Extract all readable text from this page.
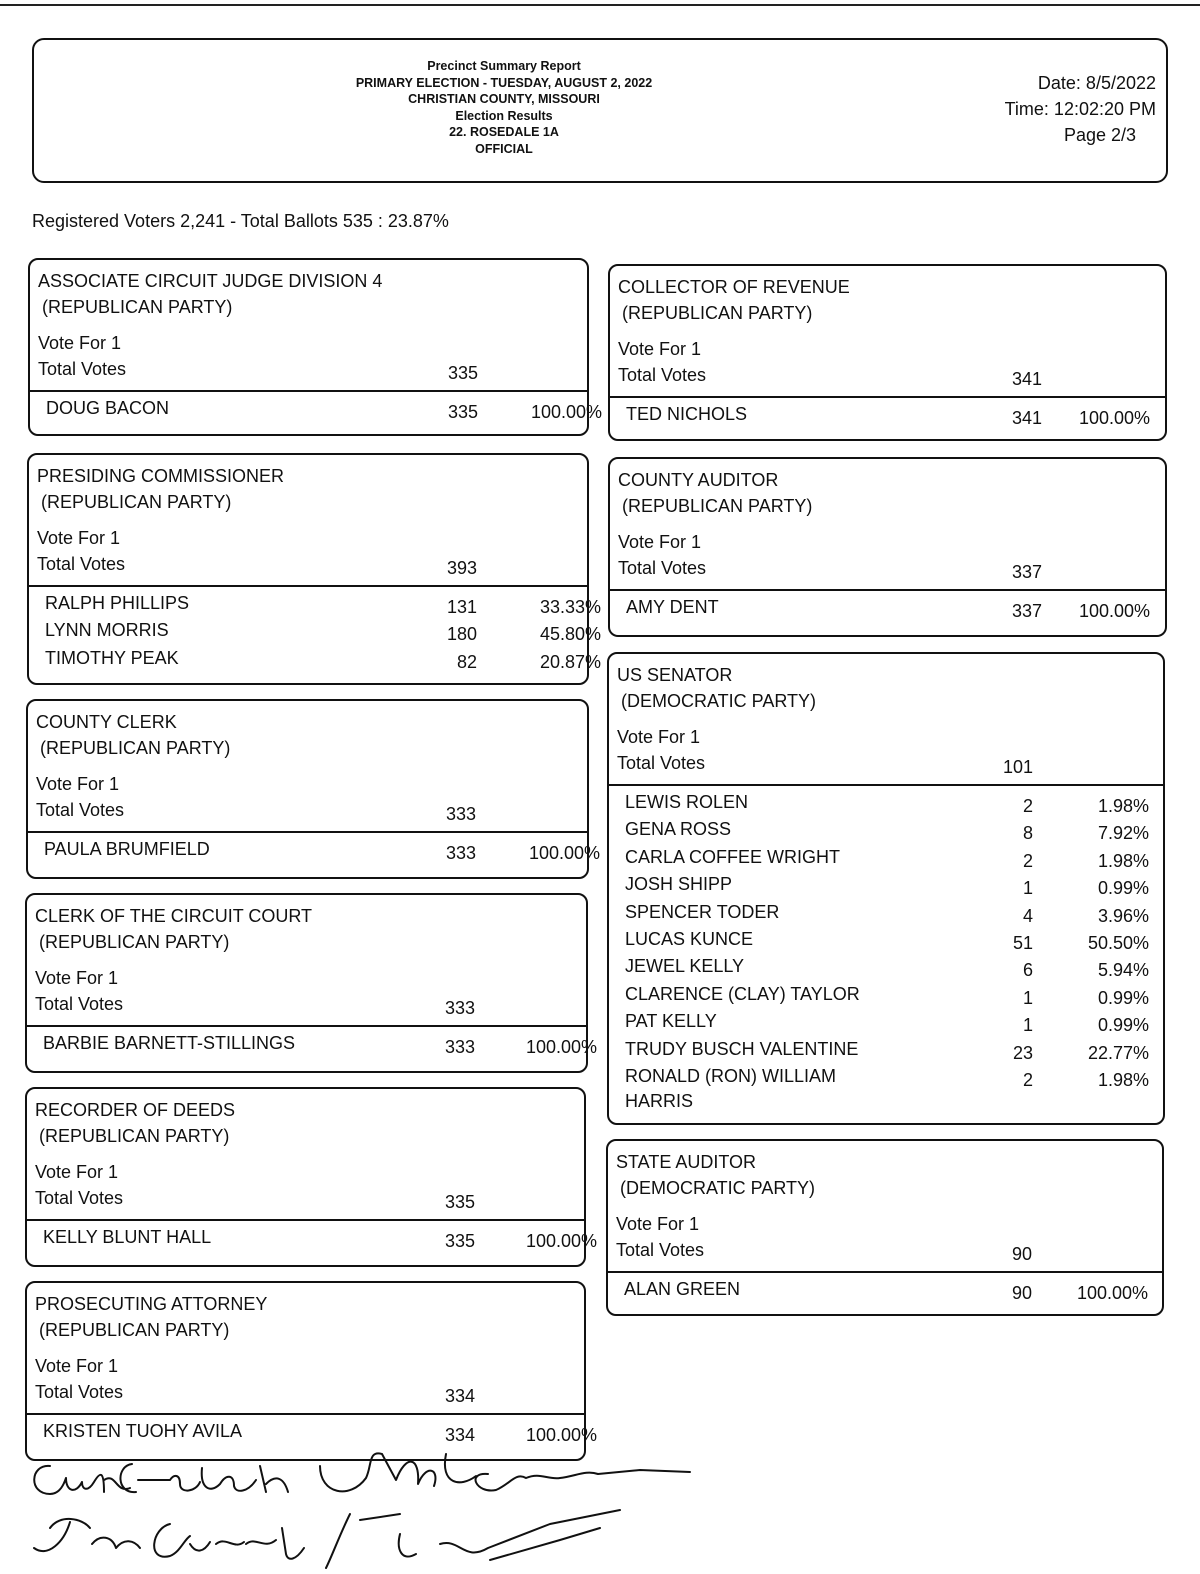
Precinct Summary Report
PRIMARY ELECTION - TUESDAY, AUGUST 2, 2022
CHRISTIAN COUNTY, MISSOURI
Election Results
22. ROSEDALE 1A
OFFICIAL
Date: 8/5/2022
Time: 12:02:20 PM
Page 2/3
Registered Voters 2,241 - Total Ballots 535 : 23.87%
ASSOCIATE CIRCUIT JUDGE DIVISION 4
(REPUBLICAN PARTY)
Vote For 1
Total Votes	335
DOUG BACON	335	100.00%
PRESIDING COMMISSIONER
(REPUBLICAN PARTY)
Vote For 1
Total Votes	393
RALPH PHILLIPS	131	33.33%
LYNN MORRIS	180	45.80%
TIMOTHY PEAK	82	20.87%
COUNTY CLERK
(REPUBLICAN PARTY)
Vote For 1
Total Votes	333
PAULA BRUMFIELD	333	100.00%
CLERK OF THE CIRCUIT COURT
(REPUBLICAN PARTY)
Vote For 1
Total Votes	333
BARBIE BARNETT-STILLINGS	333	100.00%
RECORDER OF DEEDS
(REPUBLICAN PARTY)
Vote For 1
Total Votes	335
KELLY BLUNT HALL	335	100.00%
PROSECUTING ATTORNEY
(REPUBLICAN PARTY)
Vote For 1
Total Votes	334
KRISTEN TUOHY AVILA	334	100.00%
COLLECTOR OF REVENUE
(REPUBLICAN PARTY)
Vote For 1
Total Votes	341
TED NICHOLS	341	100.00%
COUNTY AUDITOR
(REPUBLICAN PARTY)
Vote For 1
Total Votes	337
AMY DENT	337	100.00%
US SENATOR
(DEMOCRATIC PARTY)
Vote For 1
Total Votes	101
LEWIS ROLEN	2	1.98%
GENA ROSS	8	7.92%
CARLA COFFEE WRIGHT	2	1.98%
JOSH SHIPP	1	0.99%
SPENCER TODER	4	3.96%
LUCAS KUNCE	51	50.50%
JEWEL KELLY	6	5.94%
CLARENCE (CLAY) TAYLOR	1	0.99%
PAT KELLY	1	0.99%
TRUDY BUSCH VALENTINE	23	22.77%
RONALD (RON) WILLIAM	2	1.98%
HARRIS
STATE AUDITOR
(DEMOCRATIC PARTY)
Vote For 1
Total Votes	90
ALAN GREEN	90	100.00%
